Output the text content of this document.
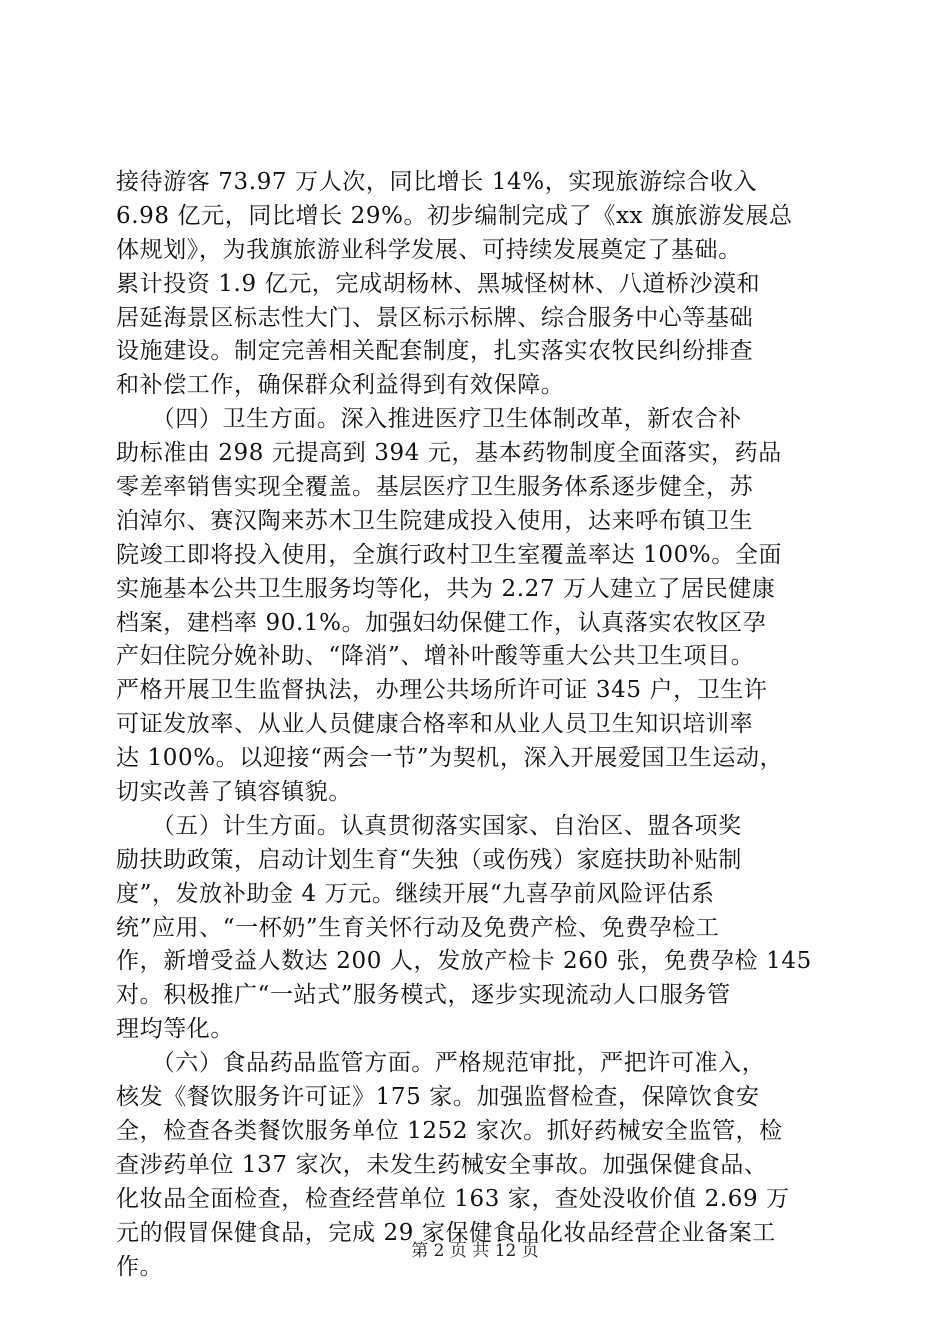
接待游客 73.97 万人次，同比增长 14%，实现旅游综合收入
6.98 亿元，同比增长 29%。初步编制完成了《xx 旗旅游发展总
体规划》，为我旗旅游业科学发展、可持续发展奠定了基础。
累计投资 1.9 亿元，完成胡杨林、黑城怪树林、八道桥沙漠和
居延海景区标志性大门、景区标示标牌、综合服务中心等基础
设施建设。制定完善相关配套制度，扎实落实农牧民纠纷排查
和补偿工作，确保群众利益得到有效保障。
　　（四）卫生方面。深入推进医疗卫生体制改革，新农合补
助标准由 298 元提高到 394 元，基本药物制度全面落实，药品
零差率销售实现全覆盖。基层医疗卫生服务体系逐步健全，苏
泊淖尔、赛汉陶来苏木卫生院建成投入使用，达来呼布镇卫生
院竣工即将投入使用，全旗行政村卫生室覆盖率达 100%。全面
实施基本公共卫生服务均等化，共为 2.27 万人建立了居民健康
档案，建档率 90.1%。加强妇幼保健工作，认真落实农牧区孕
产妇住院分娩补助、“降消”、增补叶酸等重大公共卫生项目。
严格开展卫生监督执法，办理公共场所许可证 345 户，卫生许
可证发放率、从业人员健康合格率和从业人员卫生知识培训率
达 100%。以迎接“两会一节”为契机，深入开展爱国卫生运动，
切实改善了镇容镇貌。
　　（五）计生方面。认真贯彻落实国家、自治区、盟各项奖
励扶助政策，启动计划生育“失独（或伤残）家庭扶助补贴制
度”，发放补助金 4 万元。继续开展“九喜孕前风险评估系
统”应用、“一杯奶”生育关怀行动及免费产检、免费孕检工
作，新增受益人数达 200 人，发放产检卡 260 张，免费孕检 145
对。积极推广“一站式”服务模式，逐步实现流动人口服务管
理均等化。
　　（六）食品药品监管方面。严格规范审批，严把许可准入，
核发《餐饮服务许可证》175 家。加强监督检查，保障饮食安
全，检查各类餐饮服务单位 1252 家次。抓好药械安全监管，检
查涉药单位 137 家次，未发生药械安全事故。加强保健食品、
化妆品全面检查，检查经营单位 163 家，查处没收价值 2.69 万
元的假冒保健食品，完成 29 家保健食品化妆品经营企业备案工
作。
第 2 页 共 12 页
